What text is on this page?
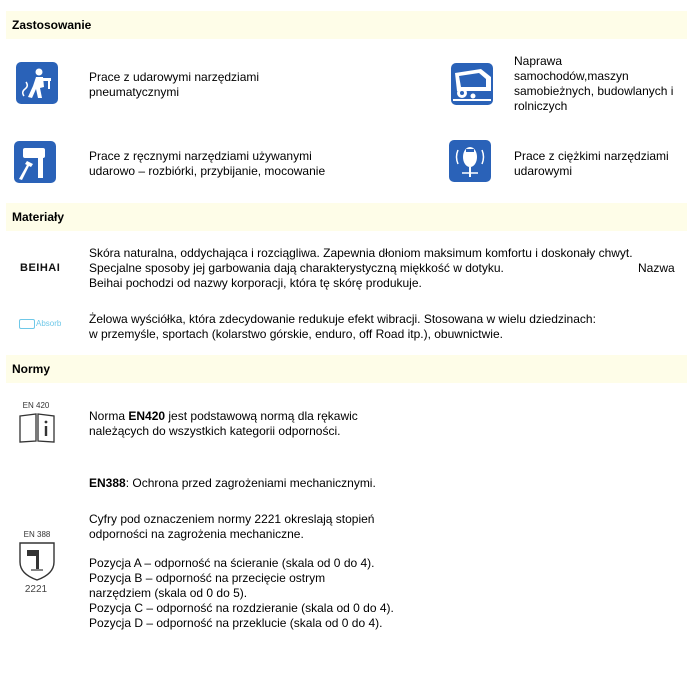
Zastosowanie
Prace z udarowymi narzędziami
pneumatycznymi
Naprawa
samochodów,maszyn
samobieżnych, budowlanych i
rolniczych
Prace z ręcznymi narzędziami używanymi
udarowo – rozbiórki, przybijanie, mocowanie
Prace z ciężkimi narzędziami
udarowymi
Materiały
BEIHAI
Skóra naturalna, oddychająca i rozciągliwa. Zapewnia dłoniom maksimum komfortu i doskonały chwyt.
Specjalne sposoby jej garbowania dają charakterystyczną miękkość w dotyku.	Nazwa
Beihai pochodzi od nazwy korporacji, która tę skórę produkuje.
Absorb Żelowa wyściółka, która zdecydowanie redukuje efekt wibracji. Stosowana w wielu dziedzinach:
w przemyśle, sportach (kolarstwo górskie, enduro, off Road itp.), obuwnictwie.
Normy
EN 420
Norma EN420 jest podstawową normą dla rękawic
należących do wszystkich kategorii odporności.
EN388: Ochrona przed zagrożeniami mechanicznymi.
EN 388
2221
Cyfry pod oznaczeniem normy 2221 okreslają stopień
odporności na zagrożenia mechaniczne.
Pozycja A – odporność na ścieranie (skala od 0 do 4).
Pozycja B – odporność na przecięcie ostrym
narzędziem (skala od 0 do 5).
Pozycja C – odporność na rozdzieranie (skala od 0 do 4).
Pozycja D – odporność na przeklucie (skala od 0 do 4).
